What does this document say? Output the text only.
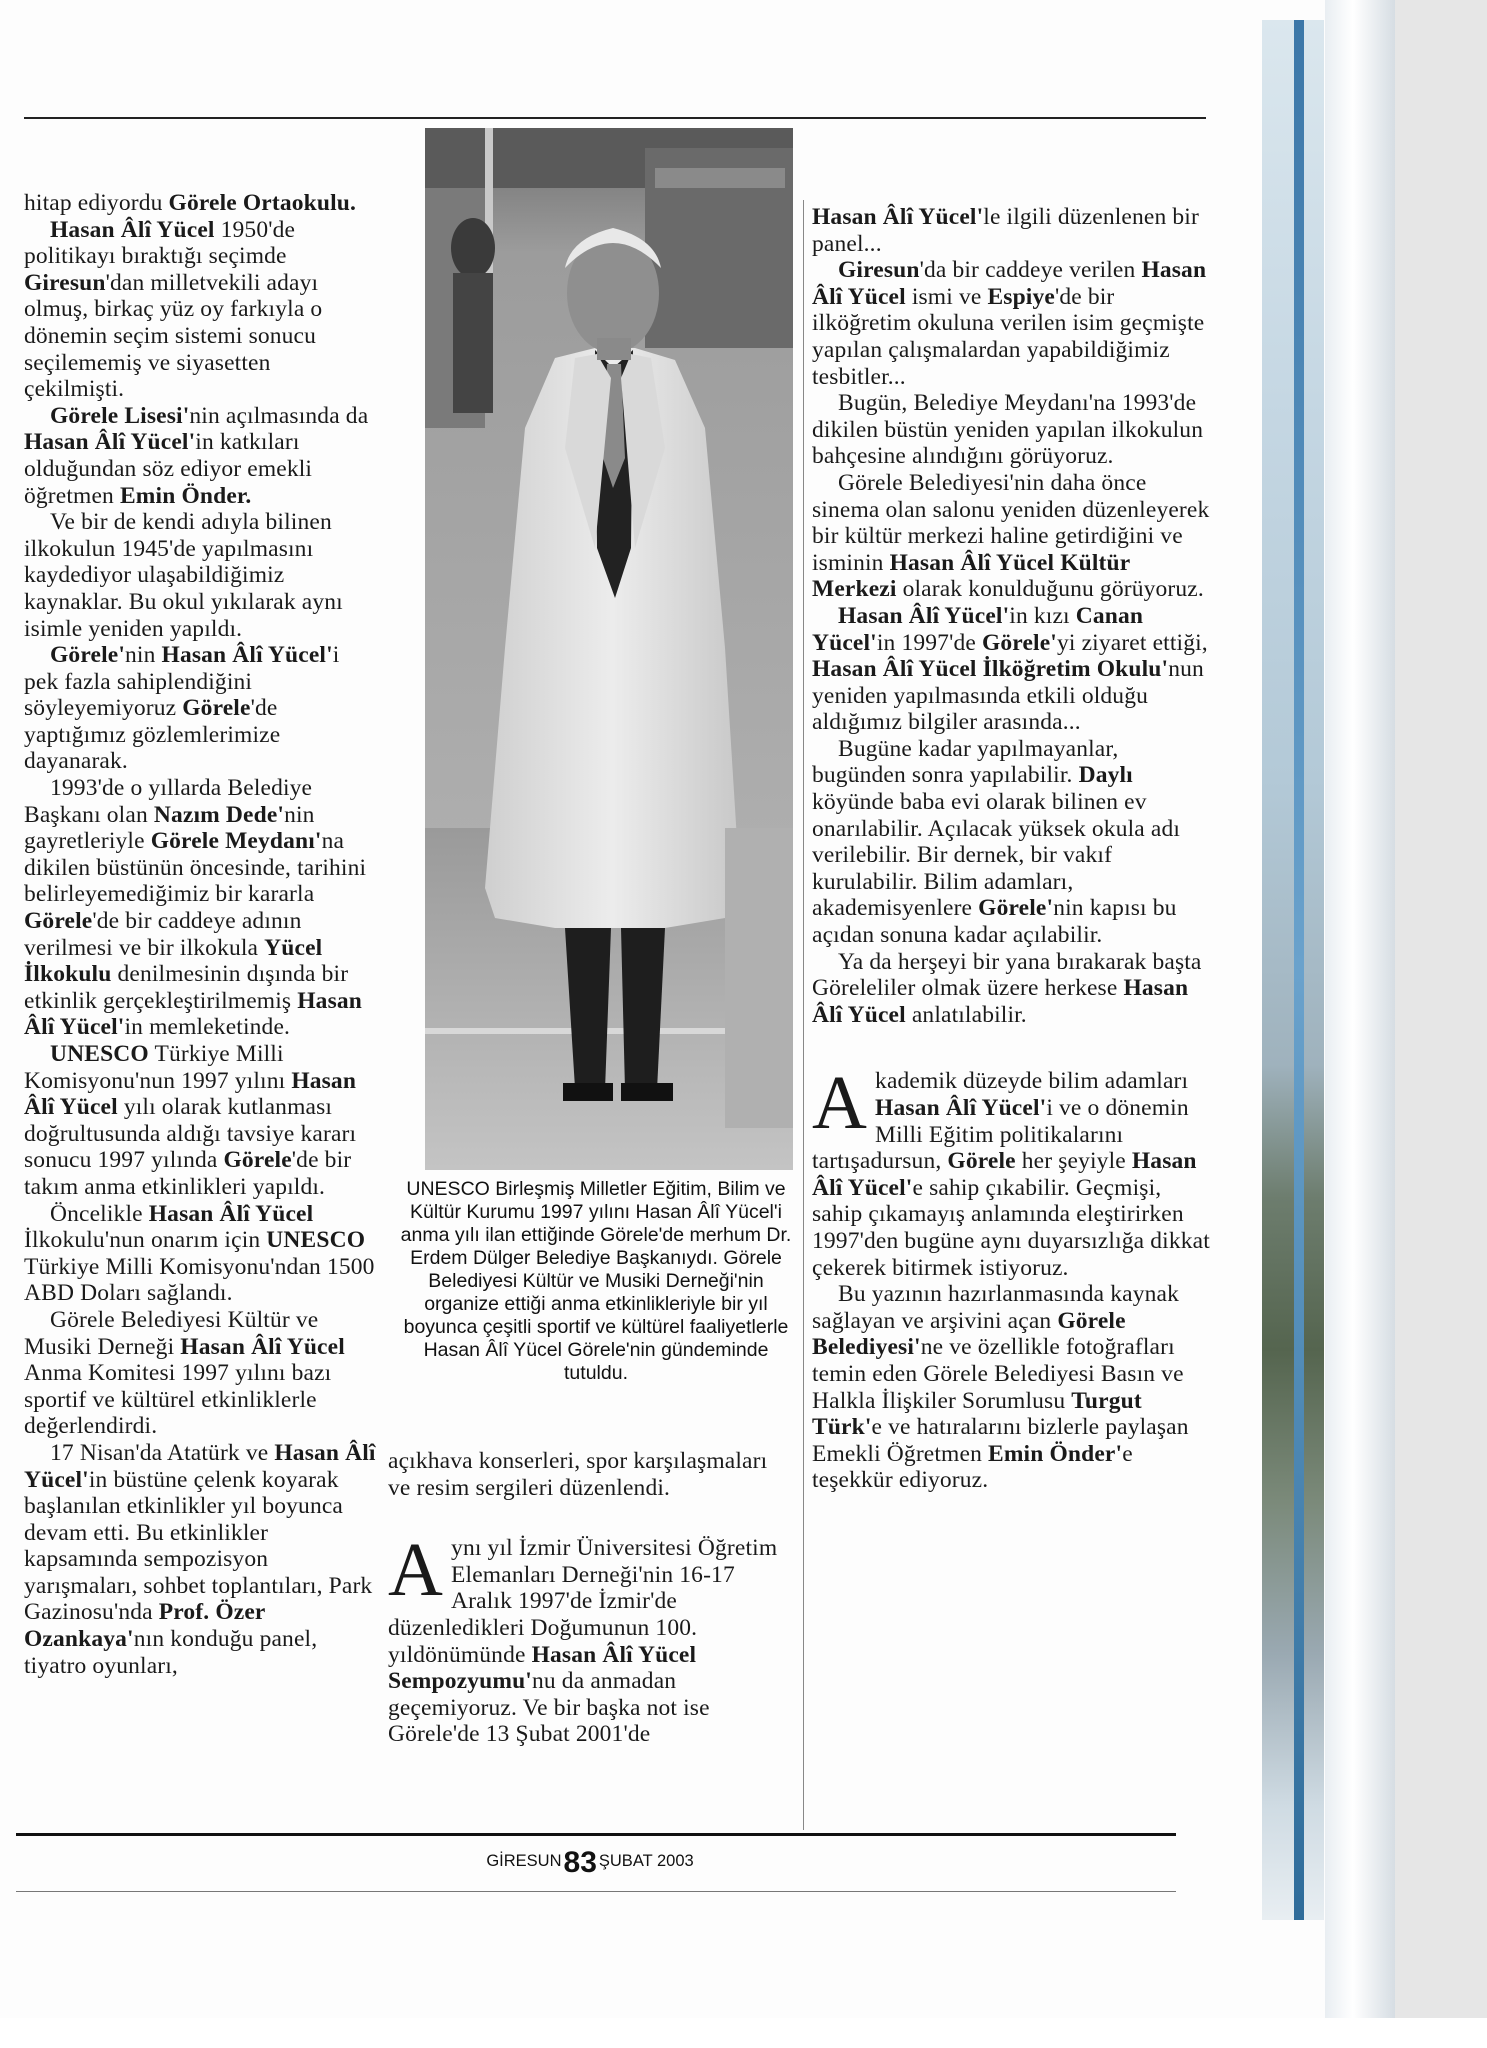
hitap ediyordu Görele Ortaokulu.

Hasan Âlî Yücel 1950'de politikayı bıraktığı seçimde Giresun'dan milletvekili adayı olmuş, birkaç yüz oy farkıyla o dönemin seçim sistemi sonucu seçilememiş ve siyasetten çekilmişti.

Görele Lisesi'nin açılmasında da Hasan Âlî Yücel'in katkıları olduğundan söz ediyor emekli öğretmen Emin Önder.

Ve bir de kendi adıyla bilinen ilkokulun 1945'de yapılmasını kaydediyor ulaşabildiğimiz kaynaklar. Bu okul yıkılarak aynı isimle yeniden yapıldı.

Görele'nin Hasan Âlî Yücel'i pek fazla sahiplendiğini söyleyemiyoruz Görele'de yaptığımız gözlemlerimize dayanarak.

1993'de o yıllarda Belediye Başkanı olan Nazım Dede'nin gayretleriyle Görele Meydanı'na dikilen büstünün öncesinde, tarihini belirleyemediğimiz bir kararla Görele'de bir caddeye adının verilmesi ve bir ilkokula Yücel İlkokulu denilmesinin dışında bir etkinlik gerçekleştirilmemiş Hasan Âlî Yücel'in memleketinde.

UNESCO Türkiye Milli Komisyonu'nun 1997 yılını Hasan Âlî Yücel yılı olarak kutlanması doğrultusunda aldığı tavsiye kararı sonucu 1997 yılında Görele'de bir takım anma etkinlikleri yapıldı.

Öncelikle Hasan Âlî Yücel İlkokulu'nun onarım için UNESCO Türkiye Milli Komisyonu'ndan 1500 ABD Doları sağlandı.

Görele Belediyesi Kültür ve Musiki Derneği Hasan Âlî Yücel Anma Komitesi 1997 yılını bazı sportif ve kültürel etkinliklerle değerlendirdi.

17 Nisan'da Atatürk ve Hasan Âlî Yücel'in büstüne çelenk koyarak başlanılan etkinlikler yıl boyunca devam etti. Bu etkinlikler kapsamında sempozisyon yarışmaları, sohbet toplantıları, Park Gazinosu'nda Prof. Özer Ozankaya'nın konduğu panel, tiyatro oyunları,

UNESCO Birleşmiş Milletler Eğitim, Bilim ve Kültür Kurumu 1997 yılını Hasan Âlî Yücel'i anma yılı ilan ettiğinde Görele'de merhum Dr. Erdem Dülger Belediye Başkanıydı. Görele Belediyesi Kültür ve Musiki Derneği'nin organize ettiği anma etkinlikleriyle bir yıl boyunca çeşitli sportif ve kültürel faaliyetlerle Hasan Âlî Yücel Görele'nin gündeminde tutuldu.

açıkhava konserleri, spor karşılaşmaları ve resim sergileri düzenlendi.

Aynı yıl İzmir Üniversitesi Öğretim Elemanları Derneği'nin 16-17 Aralık 1997'de İzmir'de düzenledikleri Doğumunun 100. yıldönümünde Hasan Âlî Yücel Sempozyumu'nu da anmadan geçemiyoruz. Ve bir başka not ise Görele'de 13 Şubat 2001'de

Hasan Âlî Yücel'le ilgili düzenlenen bir panel...

Giresun'da bir caddeye verilen Hasan Âlî Yücel ismi ve Espiye'de bir ilköğretim okuluna verilen isim geçmişte yapılan çalışmalardan yapabildiğimiz tesbitler...

Bugün, Belediye Meydanı'na 1993'de dikilen büstün yeniden yapılan ilkokulun bahçesine alındığını görüyoruz.

Görele Belediyesi'nin daha önce sinema olan salonu yeniden düzenleyerek bir kültür merkezi haline getirdiğini ve isminin Hasan Âlî Yücel Kültür Merkezi olarak konulduğunu görüyoruz.

Hasan Âlî Yücel'in kızı Canan Yücel'in 1997'de Görele'yi ziyaret ettiği, Hasan Âlî Yücel İlköğretim Okulu'nun yeniden yapılmasında etkili olduğu aldığımız bilgiler arasında...

Bugüne kadar yapılmayanlar, bugünden sonra yapılabilir. Daylı köyünde baba evi olarak bilinen ev onarılabilir. Açılacak yüksek okula adı verilebilir. Bir dernek, bir vakıf kurulabilir. Bilim adamları, akademisyenlere Görele'nin kapısı bu açıdan sonuna kadar açılabilir.

Ya da herşeyi bir yana bırakarak başta Göreleliler olmak üzere herkese Hasan Âlî Yücel anlatılabilir.

Akademik düzeyde bilim adamları Hasan Âlî Yücel'i ve o dönemin Milli Eğitim politikalarını tartışadursun, Görele her şeyiyle Hasan Âlî Yücel'e sahip çıkabilir. Geçmişi, sahip çıkamayış anlamında eleştirirken 1997'den bugüne aynı duyarsızlığa dikkat çekerek bitirmek istiyoruz.

Bu yazının hazırlanmasında kaynak sağlayan ve arşivini açan Görele Belediyesi'ne ve özellikle fotoğrafları temin eden Görele Belediyesi Basın ve Halkla İlişkiler Sorumlusu Turgut Türk'e ve hatıralarını bizlerle paylaşan Emekli Öğretmen Emin Önder'e teşekkür ediyoruz.

GİRESUN83 ŞUBAT 2003
